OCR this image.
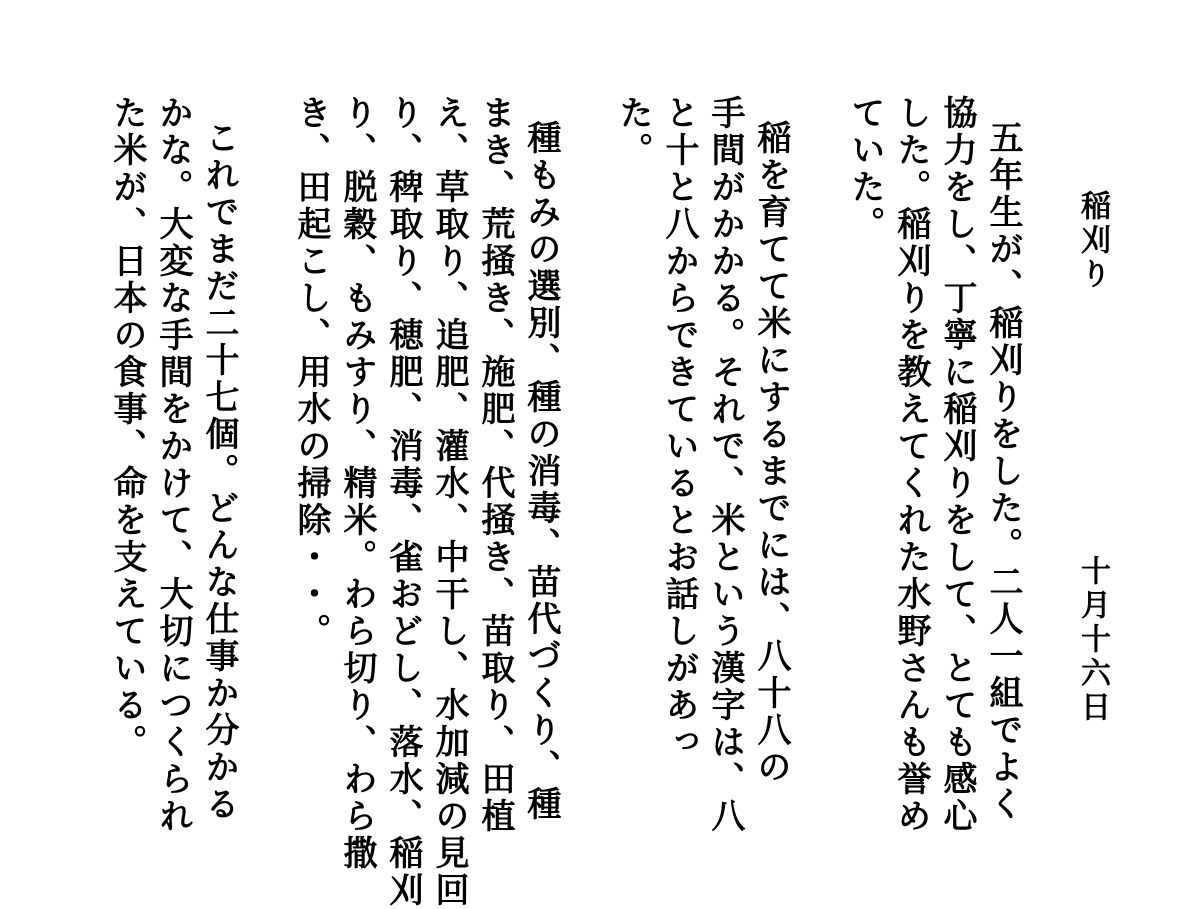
稲刈り
十月十六日
五年生が、稲刈りをした。二人一組でよく
協力をし、丁寧に稲刈りをして、とても感心
した。稲刈りを教えてくれた水野さんも誉め
ていた。
稲を育てて米にするまでには、八十八の
手間がかかる。それで、米という漢字は、八
と十と八からできているとお話しがあっ
た。
種もみの選別、種の消毒、苗代づくり、種
まき、荒掻き、施肥、代掻き、苗取り、田植
え、草取り、追肥、灌水、中干し、水加減の見回
り、稗取り、穂肥、消毒、雀おどし、落水、稲刈
り、脱穀、もみすり、精米。わら切り、わら撒
き、田起こし、用水の掃除・・。
これでまだ二十七個。どんな仕事か分かる
かな。大変な手間をかけて、大切につくられ
た米が、日本の食事、命を支えている。
